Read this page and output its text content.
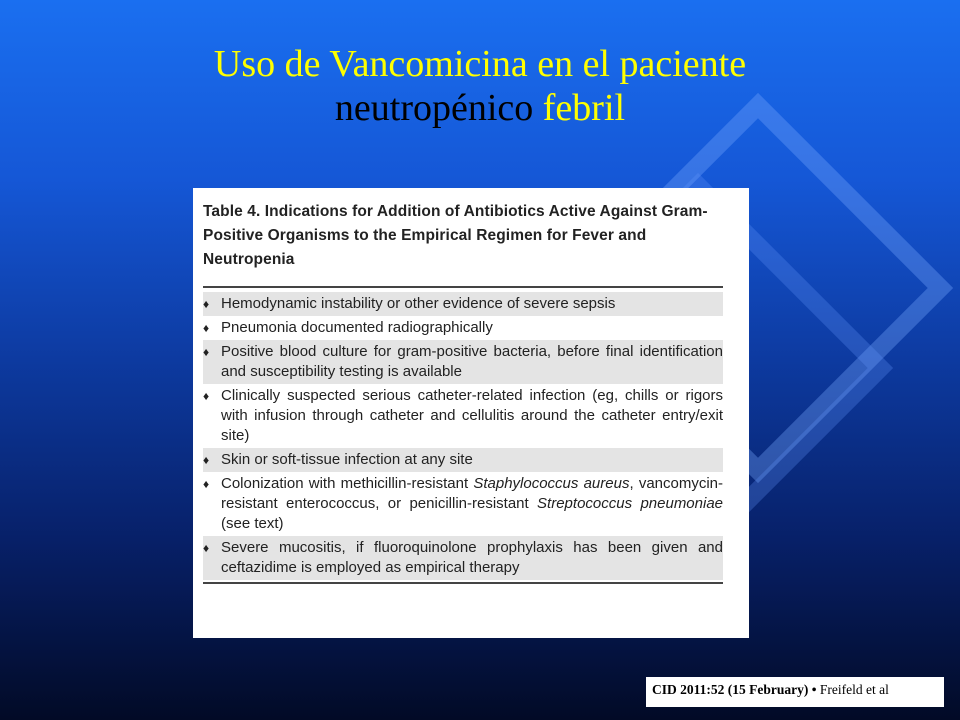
Uso de Vancomicina en el paciente
neutropénico febril
Table 4. Indications for Addition of Antibiotics Active Against Gram-Positive Organisms to the Empirical Regimen for Fever and Neutropenia
♦ Hemodynamic instability or other evidence of severe sepsis
♦ Pneumonia documented radiographically
♦ Positive blood culture for gram-positive bacteria, before final identification and susceptibility testing is available
♦ Clinically suspected serious catheter-related infection (eg, chills or rigors with infusion through catheter and cellulitis around the catheter entry/exit site)
♦ Skin or soft-tissue infection at any site
♦ Colonization with methicillin-resistant Staphylococcus aureus, vancomycin-resistant enterococcus, or penicillin-resistant Streptococcus pneumoniae (see text)
♦ Severe mucositis, if fluoroquinolone prophylaxis has been given and ceftazidime is employed as empirical therapy
CID 2011:52 (15 February) • Freifeld et al
